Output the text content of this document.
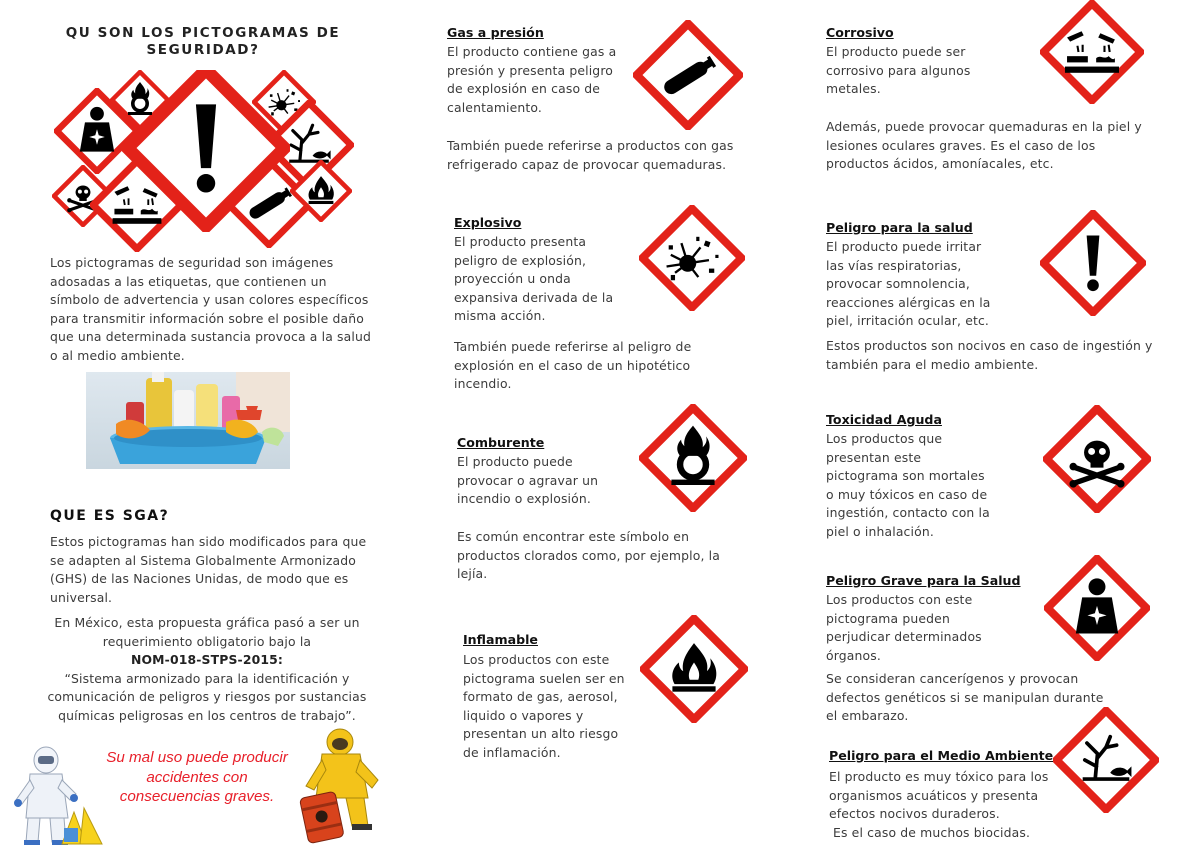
QU SON LOS PICTOGRAMAS DE
SEGURIDAD?
Los pictogramas de seguridad son imágenes
adosadas a las etiquetas, que contienen un
símbolo de advertencia y usan colores específicos
para transmitir información sobre el posible daño
que una determinada sustancia provoca a la salud
o al medio ambiente.
QUE ES SGA?
Estos pictogramas han sido modificados para que
se adapten al Sistema Globalmente Armonizado
(GHS) de las Naciones Unidas, de modo que es
universal.
En México, esta propuesta gráfica pasó a ser un
requerimiento obligatorio bajo la
NOM-018-STPS-2015:
“Sistema armonizado para la identificación y
comunicación de peligros y riesgos por sustancias
químicas peligrosas en los centros de trabajo”.
Su mal uso puede producir
accidentes con
consecuencias graves.
Gas a presión
El producto contiene gas a
presión y presenta peligro
de explosión en caso de
calentamiento.
También puede referirse a productos con gas
refrigerado capaz de provocar quemaduras.
Explosivo
El producto presenta
peligro de explosión,
proyección u onda
expansiva derivada de la
misma acción.
También puede referirse al peligro de
explosión en el caso de un hipotético
incendio.
Comburente
El producto puede
provocar o agravar un
incendio o explosión.
Es común encontrar este símbolo en
productos clorados como, por ejemplo, la
lejía.
Inflamable
Los productos con este
pictograma suelen ser en
formato de gas, aerosol,
liquido o vapores y
presentan un alto riesgo
de inflamación.
Corrosivo
El producto puede ser
corrosivo para algunos
metales.
Además, puede provocar quemaduras en la piel y
lesiones oculares graves. Es el caso de los
productos ácidos, amoníacales, etc.
Peligro para la salud
El producto puede irritar
las vías respiratorias,
provocar somnolencia,
reacciones alérgicas en la
piel, irritación ocular, etc.
Estos productos son nocivos en caso de ingestión y
también para el medio ambiente.
Toxicidad Aguda
Los productos que
presentan este
pictograma son mortales
o muy tóxicos en caso de
ingestión, contacto con la
piel o inhalación.
Peligro Grave para la Salud
Los productos con este
pictograma pueden
perjudicar determinados
órganos.
Se consideran cancerígenos y provocan
defectos genéticos si se manipulan durante
el embarazo.
Peligro para el Medio Ambiente
El producto es muy tóxico para los
organismos acuáticos y presenta
efectos nocivos duraderos.
Es el caso de muchos biocidas.
